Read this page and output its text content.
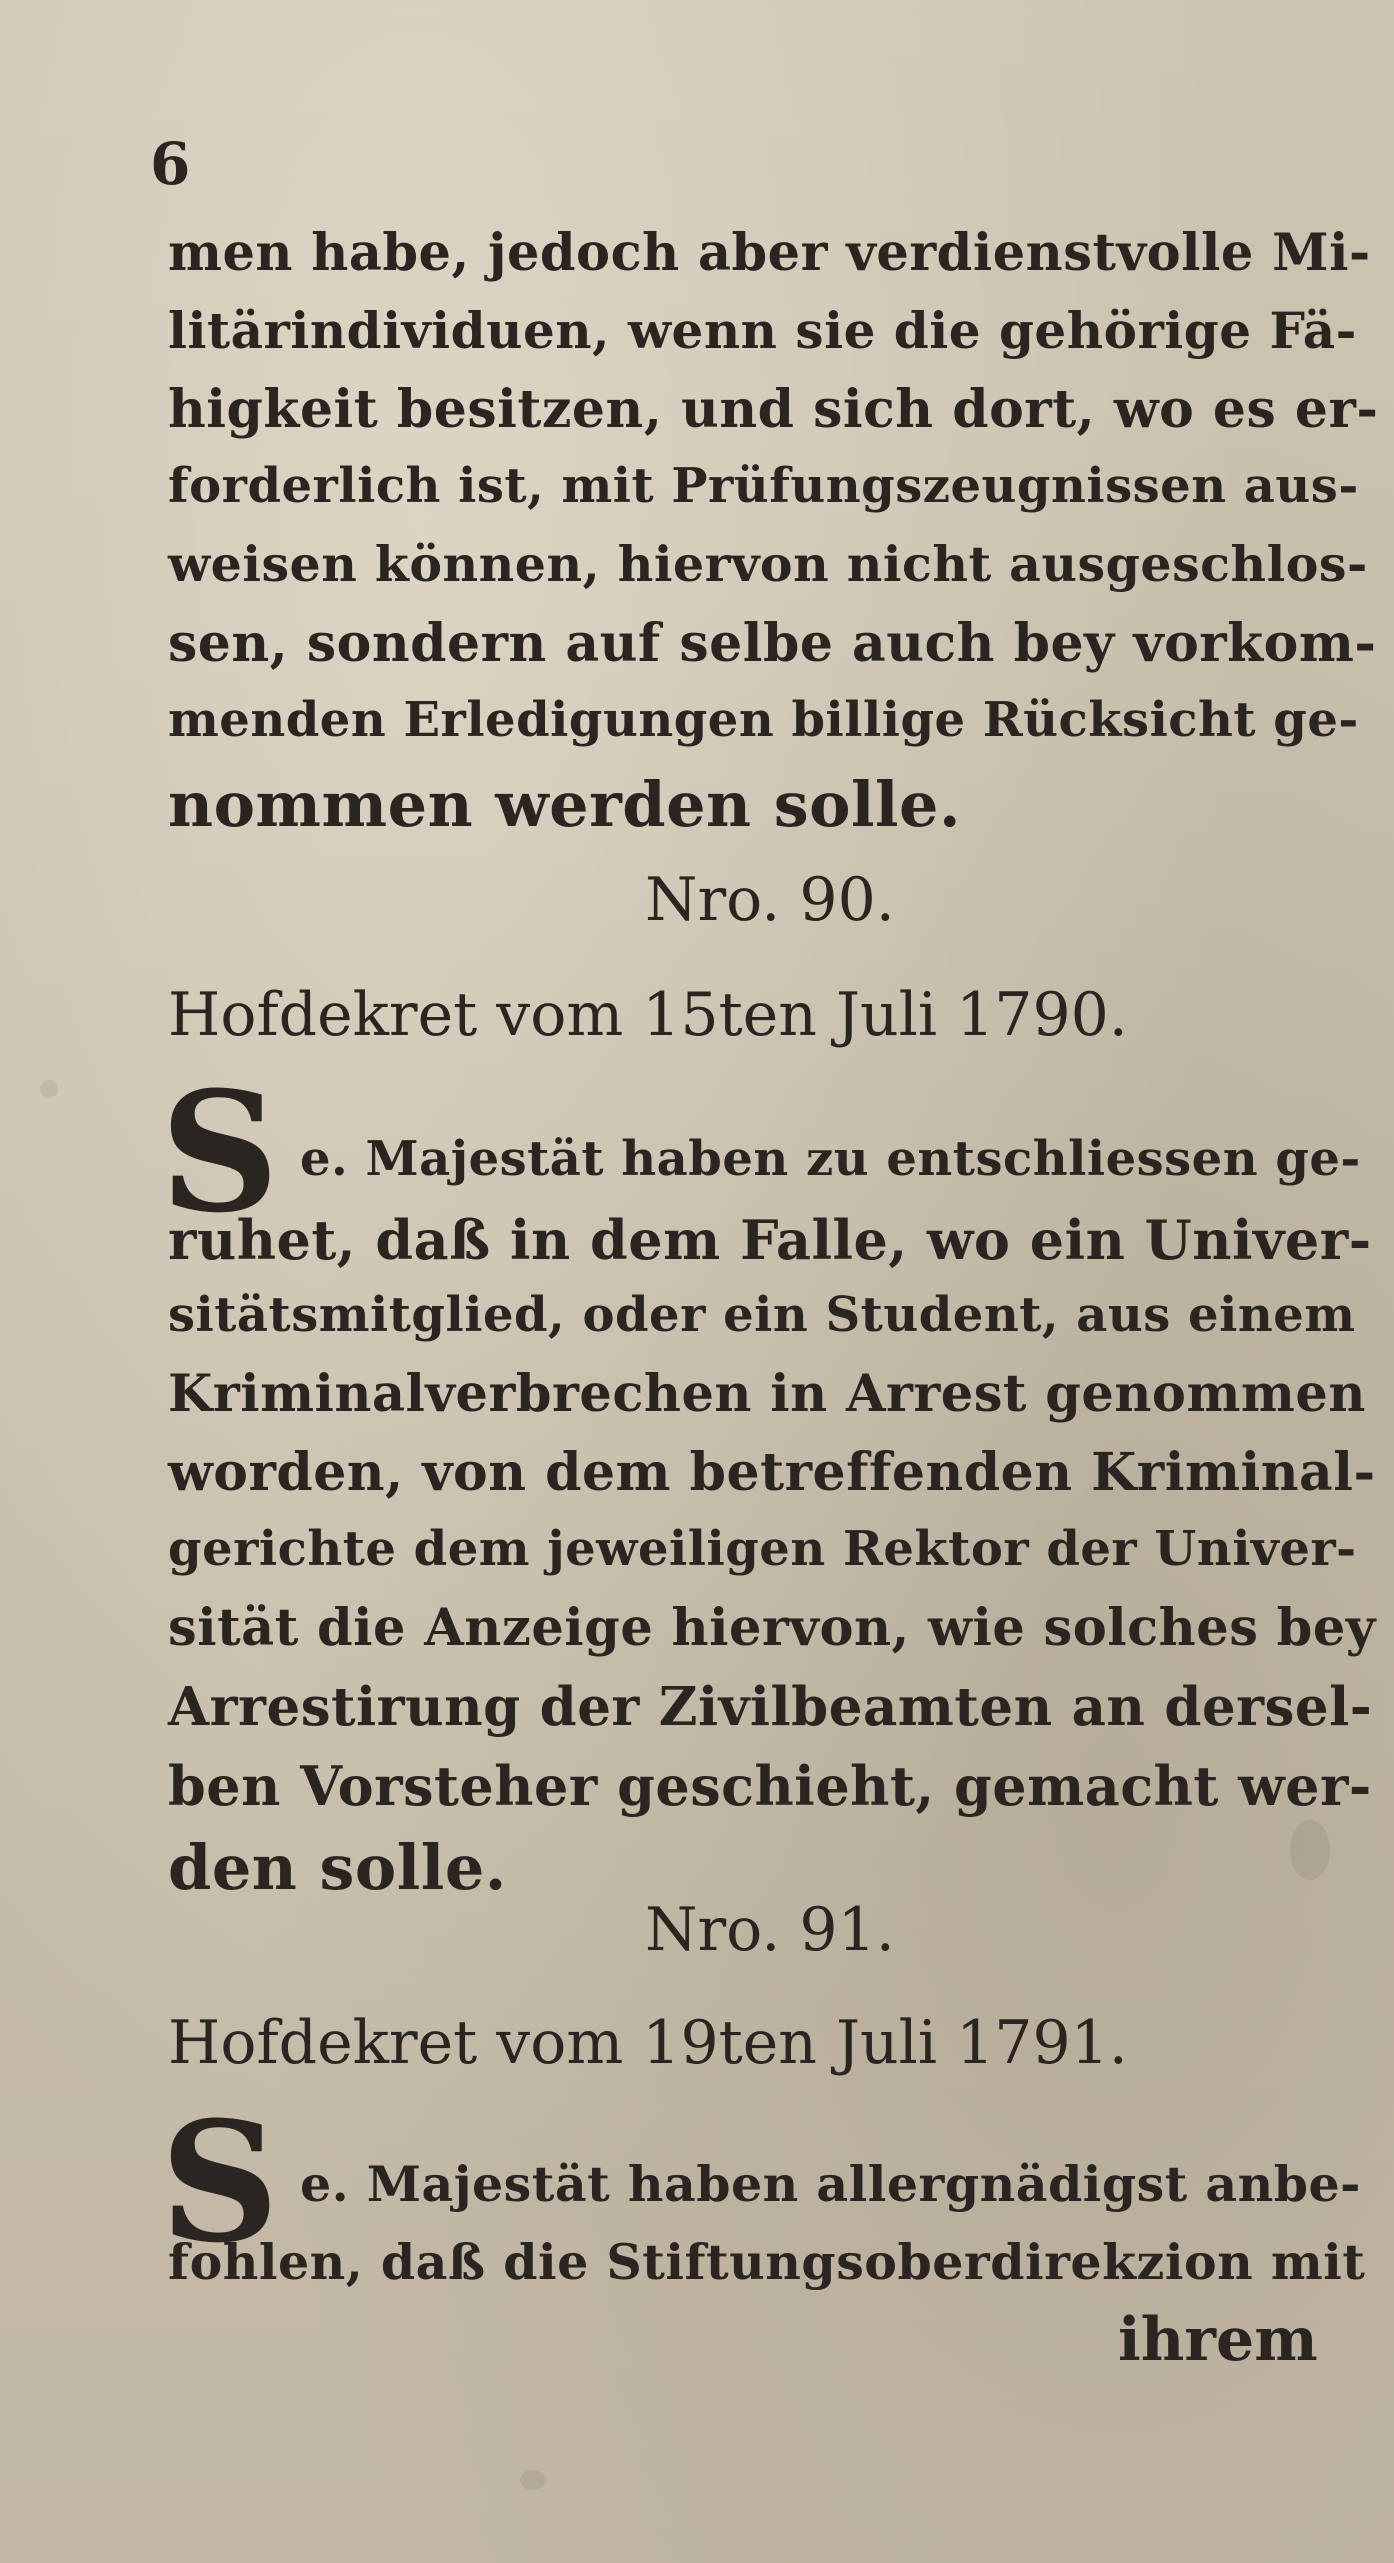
6
men habe, jedoch aber verdienstvolle Mi-
litärindividuen, wenn sie die gehörige Fä-
higkeit besitzen, und sich dort, wo es er-
forderlich ist, mit Prüfungszeugnissen aus-
weisen können, hiervon nicht ausgeschlos-
sen, sondern auf selbe auch bey vorkom-
menden Erledigungen billige Rücksicht ge-
nommen werden solle.
Nro. 90.
Hofdekret vom 15ten Juli 1790.
S e. Majestät haben zu entschliessen ge-
ruhet, daß in dem Falle, wo ein Univer-
sitätsmitglied, oder ein Student, aus einem
Kriminalverbrechen in Arrest genommen
worden, von dem betreffenden Kriminal-
gerichte dem jeweiligen Rektor der Univer-
sität die Anzeige hiervon, wie solches bey
Arrestirung der Zivilbeamten an dersel-
ben Vorsteher geschieht, gemacht wer-
den solle.
Nro. 91.
Hofdekret vom 19ten Juli 1791.
S e. Majestät haben allergnädigst anbe-
fohlen, daß die Stiftungsoberdirekzion mit
ihrem
